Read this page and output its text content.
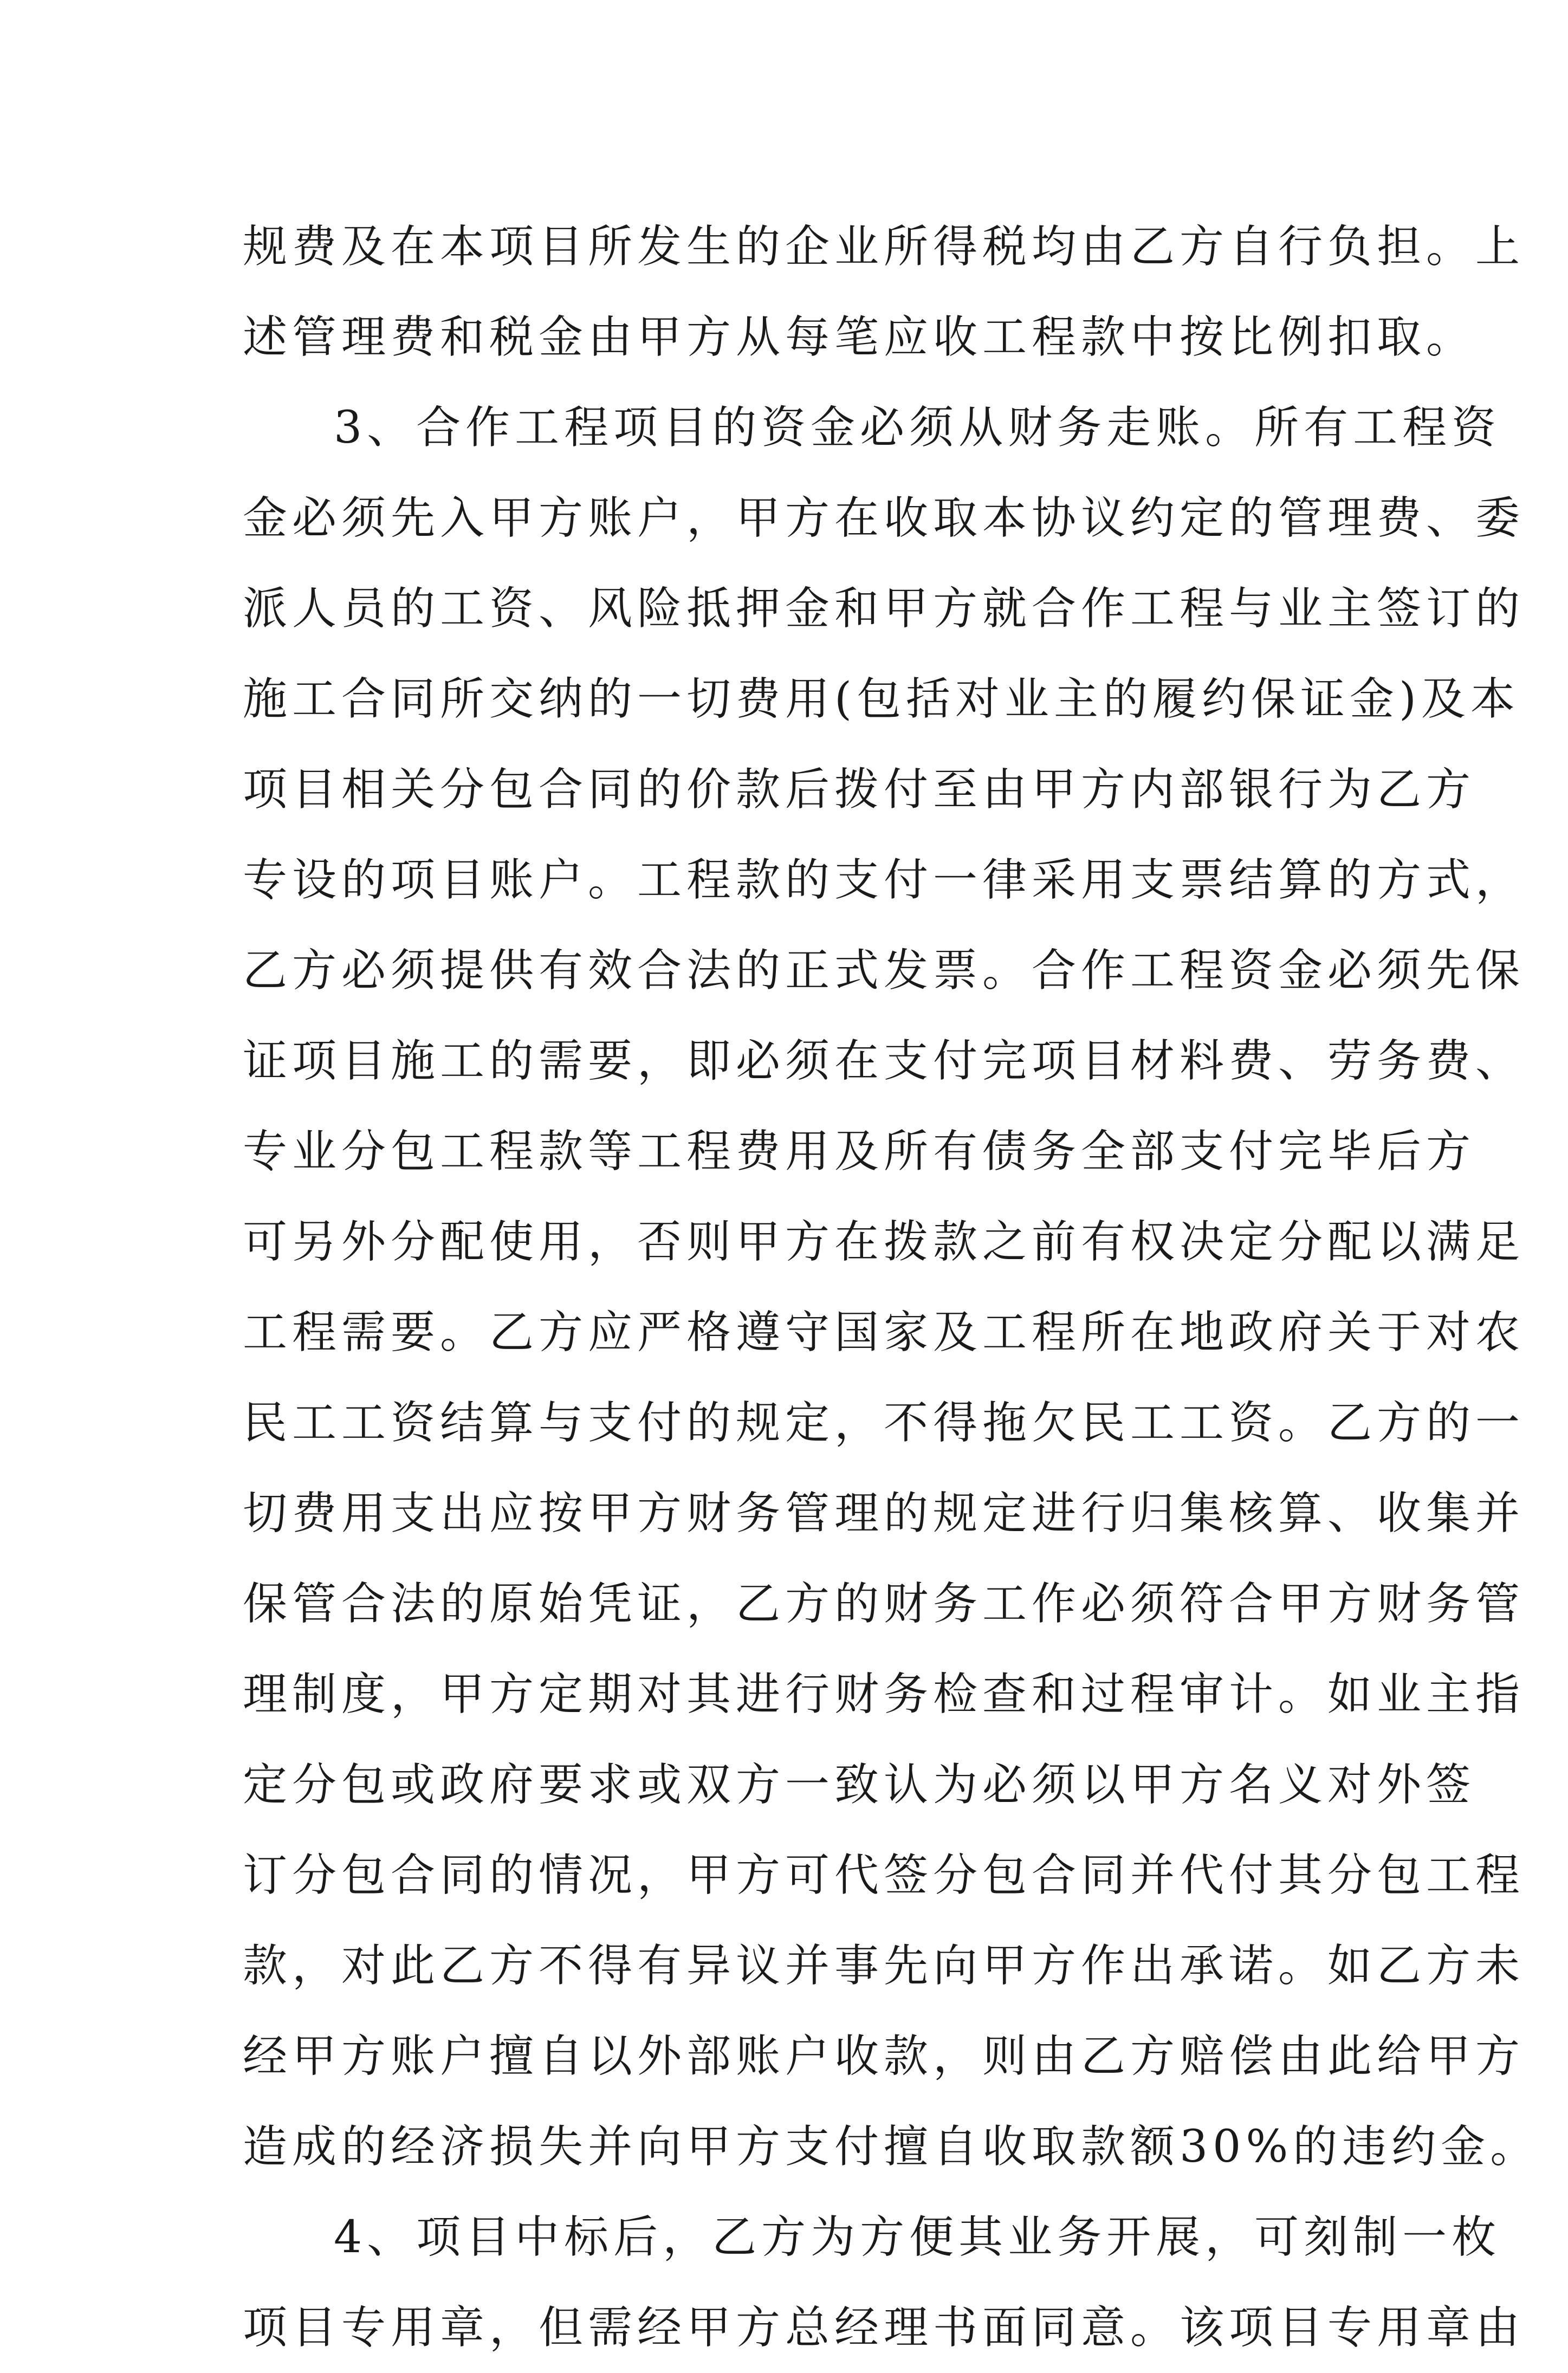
规费及在本项目所发生的企业所得税均由乙方自行负担。上
述管理费和税金由甲方从每笔应收工程款中按比例扣取。
3、合作工程项目的资金必须从财务走账。所有工程资
金必须先入甲方账户，甲方在收取本协议约定的管理费、委
派人员的工资、风险抵押金和甲方就合作工程与业主签订的
施工合同所交纳的一切费用(包括对业主的履约保证金)及本
项目相关分包合同的价款后拨付至由甲方内部银行为乙方
专设的项目账户。工程款的支付一律采用支票结算的方式，
乙方必须提供有效合法的正式发票。合作工程资金必须先保
证项目施工的需要，即必须在支付完项目材料费、劳务费、
专业分包工程款等工程费用及所有债务全部支付完毕后方
可另外分配使用，否则甲方在拨款之前有权决定分配以满足
工程需要。乙方应严格遵守国家及工程所在地政府关于对农
民工工资结算与支付的规定，不得拖欠民工工资。乙方的一
切费用支出应按甲方财务管理的规定进行归集核算、收集并
保管合法的原始凭证，乙方的财务工作必须符合甲方财务管
理制度，甲方定期对其进行财务检查和过程审计。如业主指
定分包或政府要求或双方一致认为必须以甲方名义对外签
订分包合同的情况，甲方可代签分包合同并代付其分包工程
款，对此乙方不得有异议并事先向甲方作出承诺。如乙方未
经甲方账户擅自以外部账户收款，则由乙方赔偿由此给甲方
造成的经济损失并向甲方支付擅自收取款额30%的违约金。
4、项目中标后，乙方为方便其业务开展，可刻制一枚
项目专用章，但需经甲方总经理书面同意。该项目专用章由
